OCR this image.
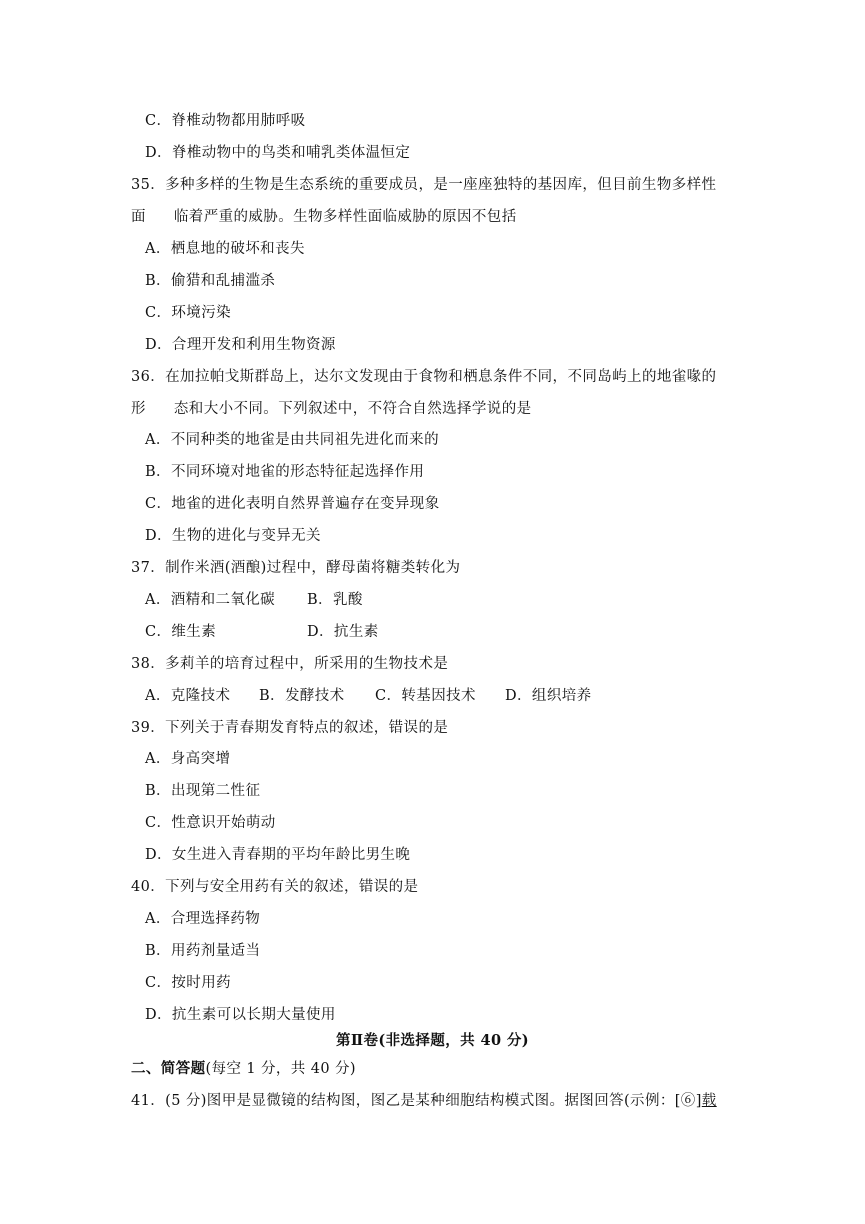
C．脊椎动物都用肺呼吸
D．脊椎动物中的鸟类和哺乳类体温恒定
35．多种多样的生物是生态系统的重要成员，是一座座独特的基因库，但目前生物多样性
面 临着严重的威胁。生物多样性面临威胁的原因不包括
A．栖息地的破坏和丧失
B．偷猎和乱捕滥杀
C．环境污染
D．合理开发和利用生物资源
36．在加拉帕戈斯群岛上，达尔文发现由于食物和栖息条件不同，不同岛屿上的地雀喙的
形 态和大小不同。下列叙述中，不符合自然选择学说的是
A．不同种类的地雀是由共同祖先进化而来的
B．不同环境对地雀的形态特征起选择作用
C．地雀的进化表明自然界普遍存在变异现象
D．生物的进化与变异无关
37．制作米酒(酒酿)过程中，酵母菌将糖类转化为
A．酒精和二氧化碳 B．乳酸
C．维生素	D．抗生素
38．多莉羊的培育过程中，所采用的生物技术是
A．克隆技术 B．发酵技术 C．转基因技术 D．组织培养
39．下列关于青春期发育特点的叙述，错误的是
A．身高突增
B．出现第二性征
C．性意识开始萌动
D．女生进入青春期的平均年龄比男生晚
40．下列与安全用药有关的叙述，错误的是
A．合理选择药物
B．用药剂量适当
C．按时用药
D．抗生素可以长期大量使用
第Ⅱ卷(非选择题，共 40 分)
二、简答题(每空 1 分，共 40 分)
41．(5 分)图甲是显微镜的结构图，图乙是某种细胞结构模式图。据图回答(示例：[⑥]载
